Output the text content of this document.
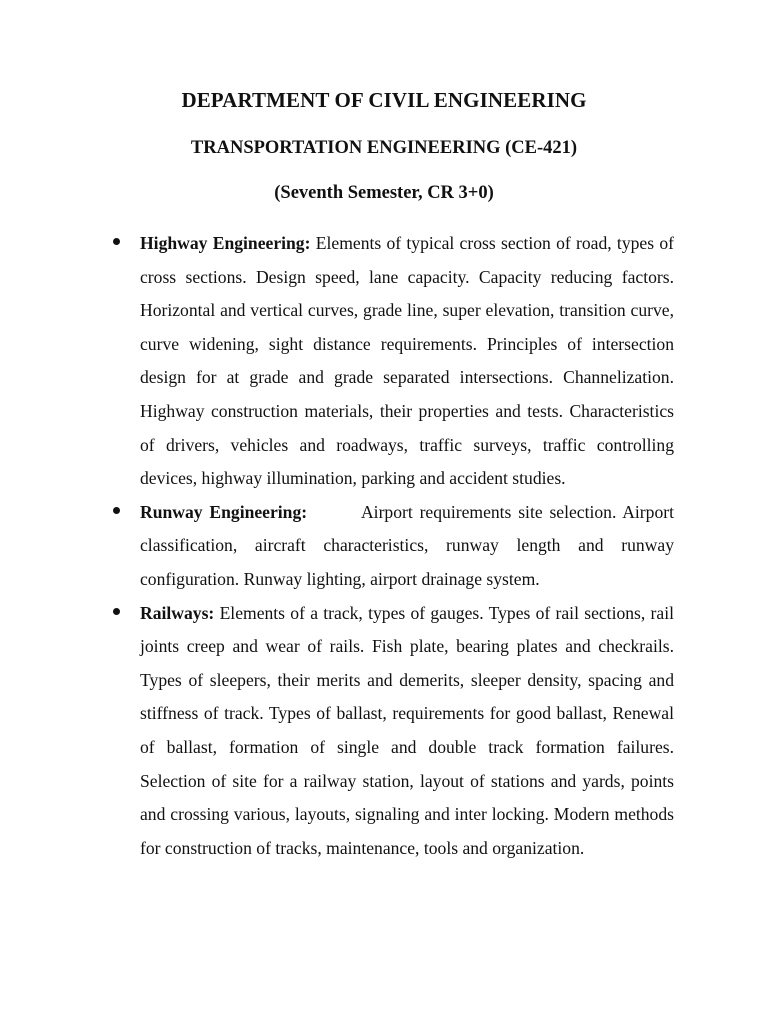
DEPARTMENT OF CIVIL ENGINEERING
TRANSPORTATION ENGINEERING (CE-421)
(Seventh Semester, CR 3+0)
Highway Engineering: Elements of typical cross section of road, types of cross sections. Design speed, lane capacity. Capacity reducing factors. Horizontal and vertical curves, grade line, super elevation, transition curve, curve widening, sight distance requirements. Principles of intersection design for at grade and grade separated intersections. Channelization. Highway construction materials, their properties and tests. Characteristics of drivers, vehicles and roadways, traffic surveys, traffic controlling devices, highway illumination, parking and accident studies.
Runway Engineering:	Airport requirements site selection. Airport classification, aircraft characteristics, runway length and runway configuration. Runway lighting, airport drainage system.
Railways: Elements of a track, types of gauges. Types of rail sections, rail joints creep and wear of rails. Fish plate, bearing plates and checkrails. Types of sleepers, their merits and demerits, sleeper density, spacing and stiffness of track. Types of ballast, requirements for good ballast, Renewal of ballast, formation of single and double track formation failures. Selection of site for a railway station, layout of stations and yards, points and crossing various, layouts, signaling and inter locking. Modern methods for construction of tracks, maintenance, tools and organization.
